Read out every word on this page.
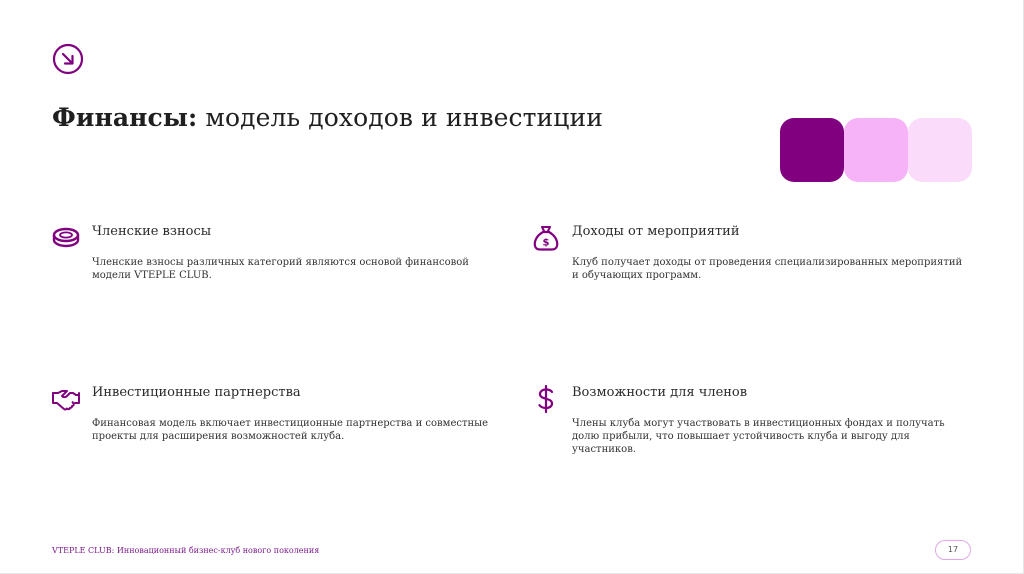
Финансы: модель доходов и инвестиции
Членские взносы
Членские взносы различных категорий являются основой финансовой модели VTEPLE CLUB.
$
Доходы от мероприятий
Клуб получает доходы от проведения специализированных мероприятий и обучающих программ.
Инвестиционные партнерства
Финансовая модель включает инвестиционные партнерства и совместные проекты для расширения возможностей клуба.
Возможности для членов
Члены клуба могут участвовать в инвестиционных фондах и получать долю прибыли, что повышает устойчивость клуба и выгоду для участников.
VTEPLE CLUB: Инновационный бизнес-клуб нового поколения	17
